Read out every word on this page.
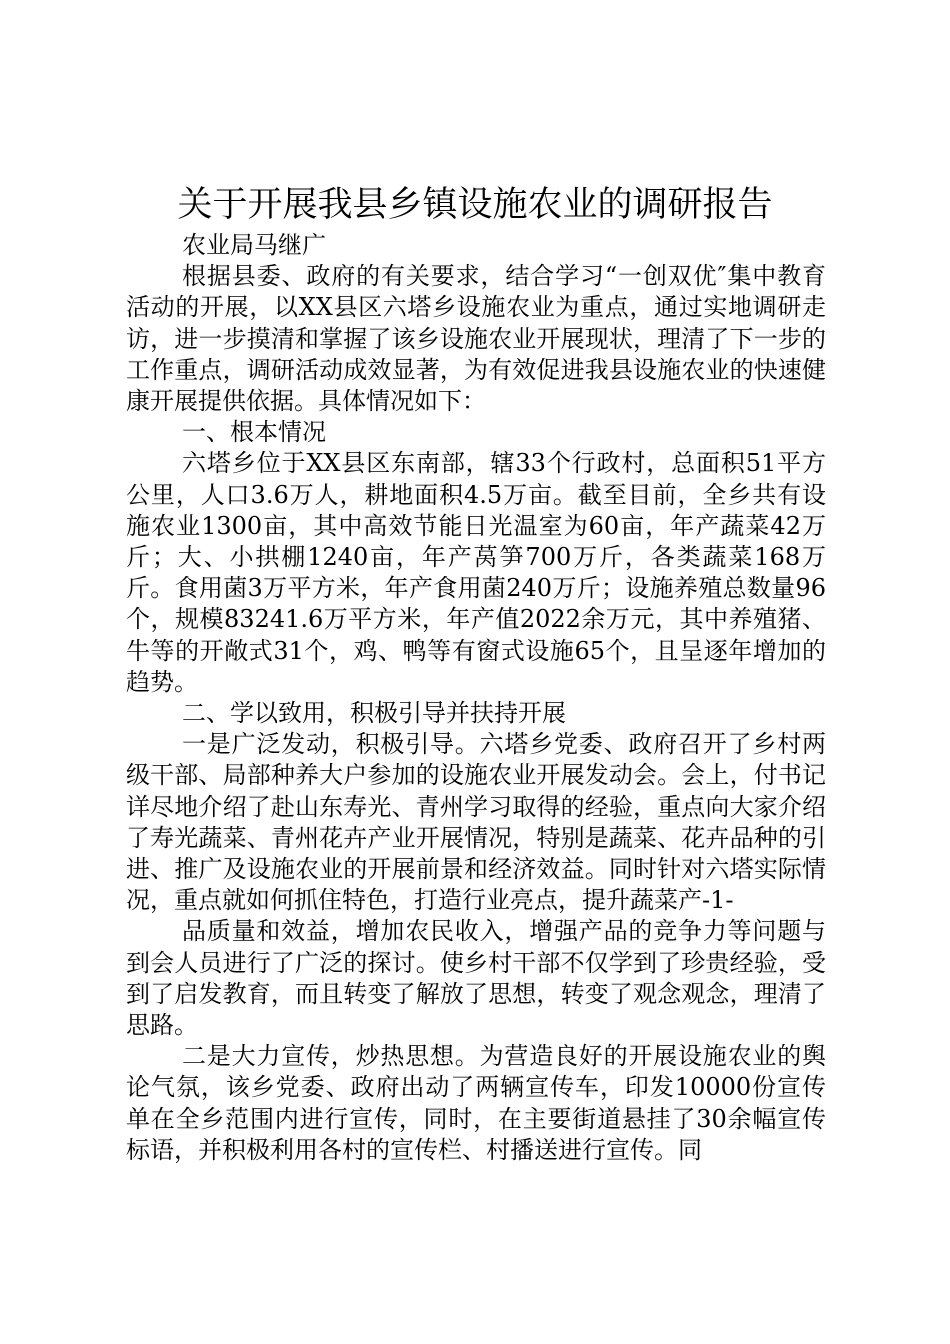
关于开展我县乡镇设施农业的调研报告

农业局马继广

根据县委、政府的有关要求，结合学习“一创双优″集中教育活动的开展，以XX县区六塔乡设施农业为重点，通过实地调研走访，进一步摸清和掌握了该乡设施农业开展现状，理清了下一步的工作重点，调研活动成效显著，为有效促进我县设施农业的快速健康开展提供依据。具体情况如下：

一、根本情况

六塔乡位于XX县区东南部，辖33个行政村，总面积51平方公里，人口3.6万人，耕地面积4.5万亩。截至目前，全乡共有设施农业1300亩，其中高效节能日光温室为60亩，年产蔬菜42万斤；大、小拱棚1240亩，年产莴笋700万斤，各类蔬菜168万斤。食用菌3万平方米，年产食用菌240万斤；设施养殖总数量96个，规模83241.6万平方米，年产值2022余万元，其中养殖猪、牛等的开敞式31个，鸡、鸭等有窗式设施65个，且呈逐年增加的趋势。

二、学以致用，积极引导并扶持开展

一是广泛发动，积极引导。六塔乡党委、政府召开了乡村两级干部、局部种养大户参加的设施农业开展发动会。会上，付书记详尽地介绍了赴山东寿光、青州学习取得的经验，重点向大家介绍了寿光蔬菜、青州花卉产业开展情况，特别是蔬菜、花卉品种的引进、推广及设施农业的开展前景和经济效益。同时针对六塔实际情况，重点就如何抓住特色，打造行业亮点，提升蔬菜产-1-

品质量和效益，增加农民收入，增强产品的竞争力等问题与到会人员进行了广泛的探讨。使乡村干部不仅学到了珍贵经验，受到了启发教育，而且转变了解放了思想，转变了观念观念，理清了思路。

二是大力宣传，炒热思想。为营造良好的开展设施农业的舆论气氛，该乡党委、政府出动了两辆宣传车，印发10000份宣传单在全乡范围内进行宣传，同时，在主要街道悬挂了30余幅宣传标语，并积极利用各村的宣传栏、村播送进行宣传。同
